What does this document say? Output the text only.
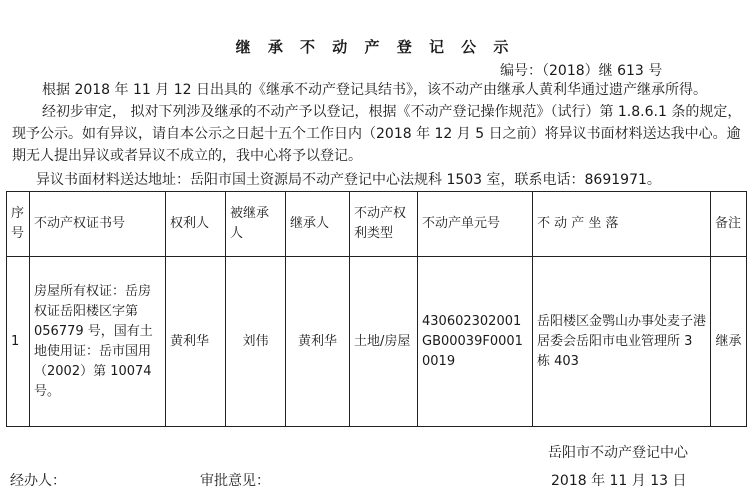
继 承 不 动 产 登 记 公 示
编号：（2018）继 613 号
根据 2018 年 11 月 12 日出具的《继承不动产登记具结书》，该不动产由继承人黄利华通过遗产继承所得。
经初步审定， 拟对下列涉及继承的不动产予以登记，根据《不动产登记操作规范》（试行）第 1.8.6.1 条的规定，
现予公示。如有异议，请自本公示之日起十五个工作日内（2018 年 12 月 5 日之前）将异议书面材料送达我中心。逾
期无人提出异议或者异议不成立的，我中心将予以登记。
异议书面材料送达地址：岳阳市国土资源局不动产登记中心法规科 1503 室，联系电话：8691971。
序号	不动产权证书号	权利人	被继承人	继承人	不动产权利类型	不动产单元号	不 动 产 坐 落	备注
1	房屋所有权证：岳房权证岳阳楼区字第056779 号，国有土地使用证：岳市国用（2002）第 10074 号。	黄利华	刘伟	黄利华	土地/房屋	430602302001GB00039F00010019	岳阳楼区金鹗山办事处麦子港居委会岳阳市电业管理所 3 栋 403	继承
岳阳市不动产登记中心
经办人：	审批意见：	2018 年 11 月 13 日
